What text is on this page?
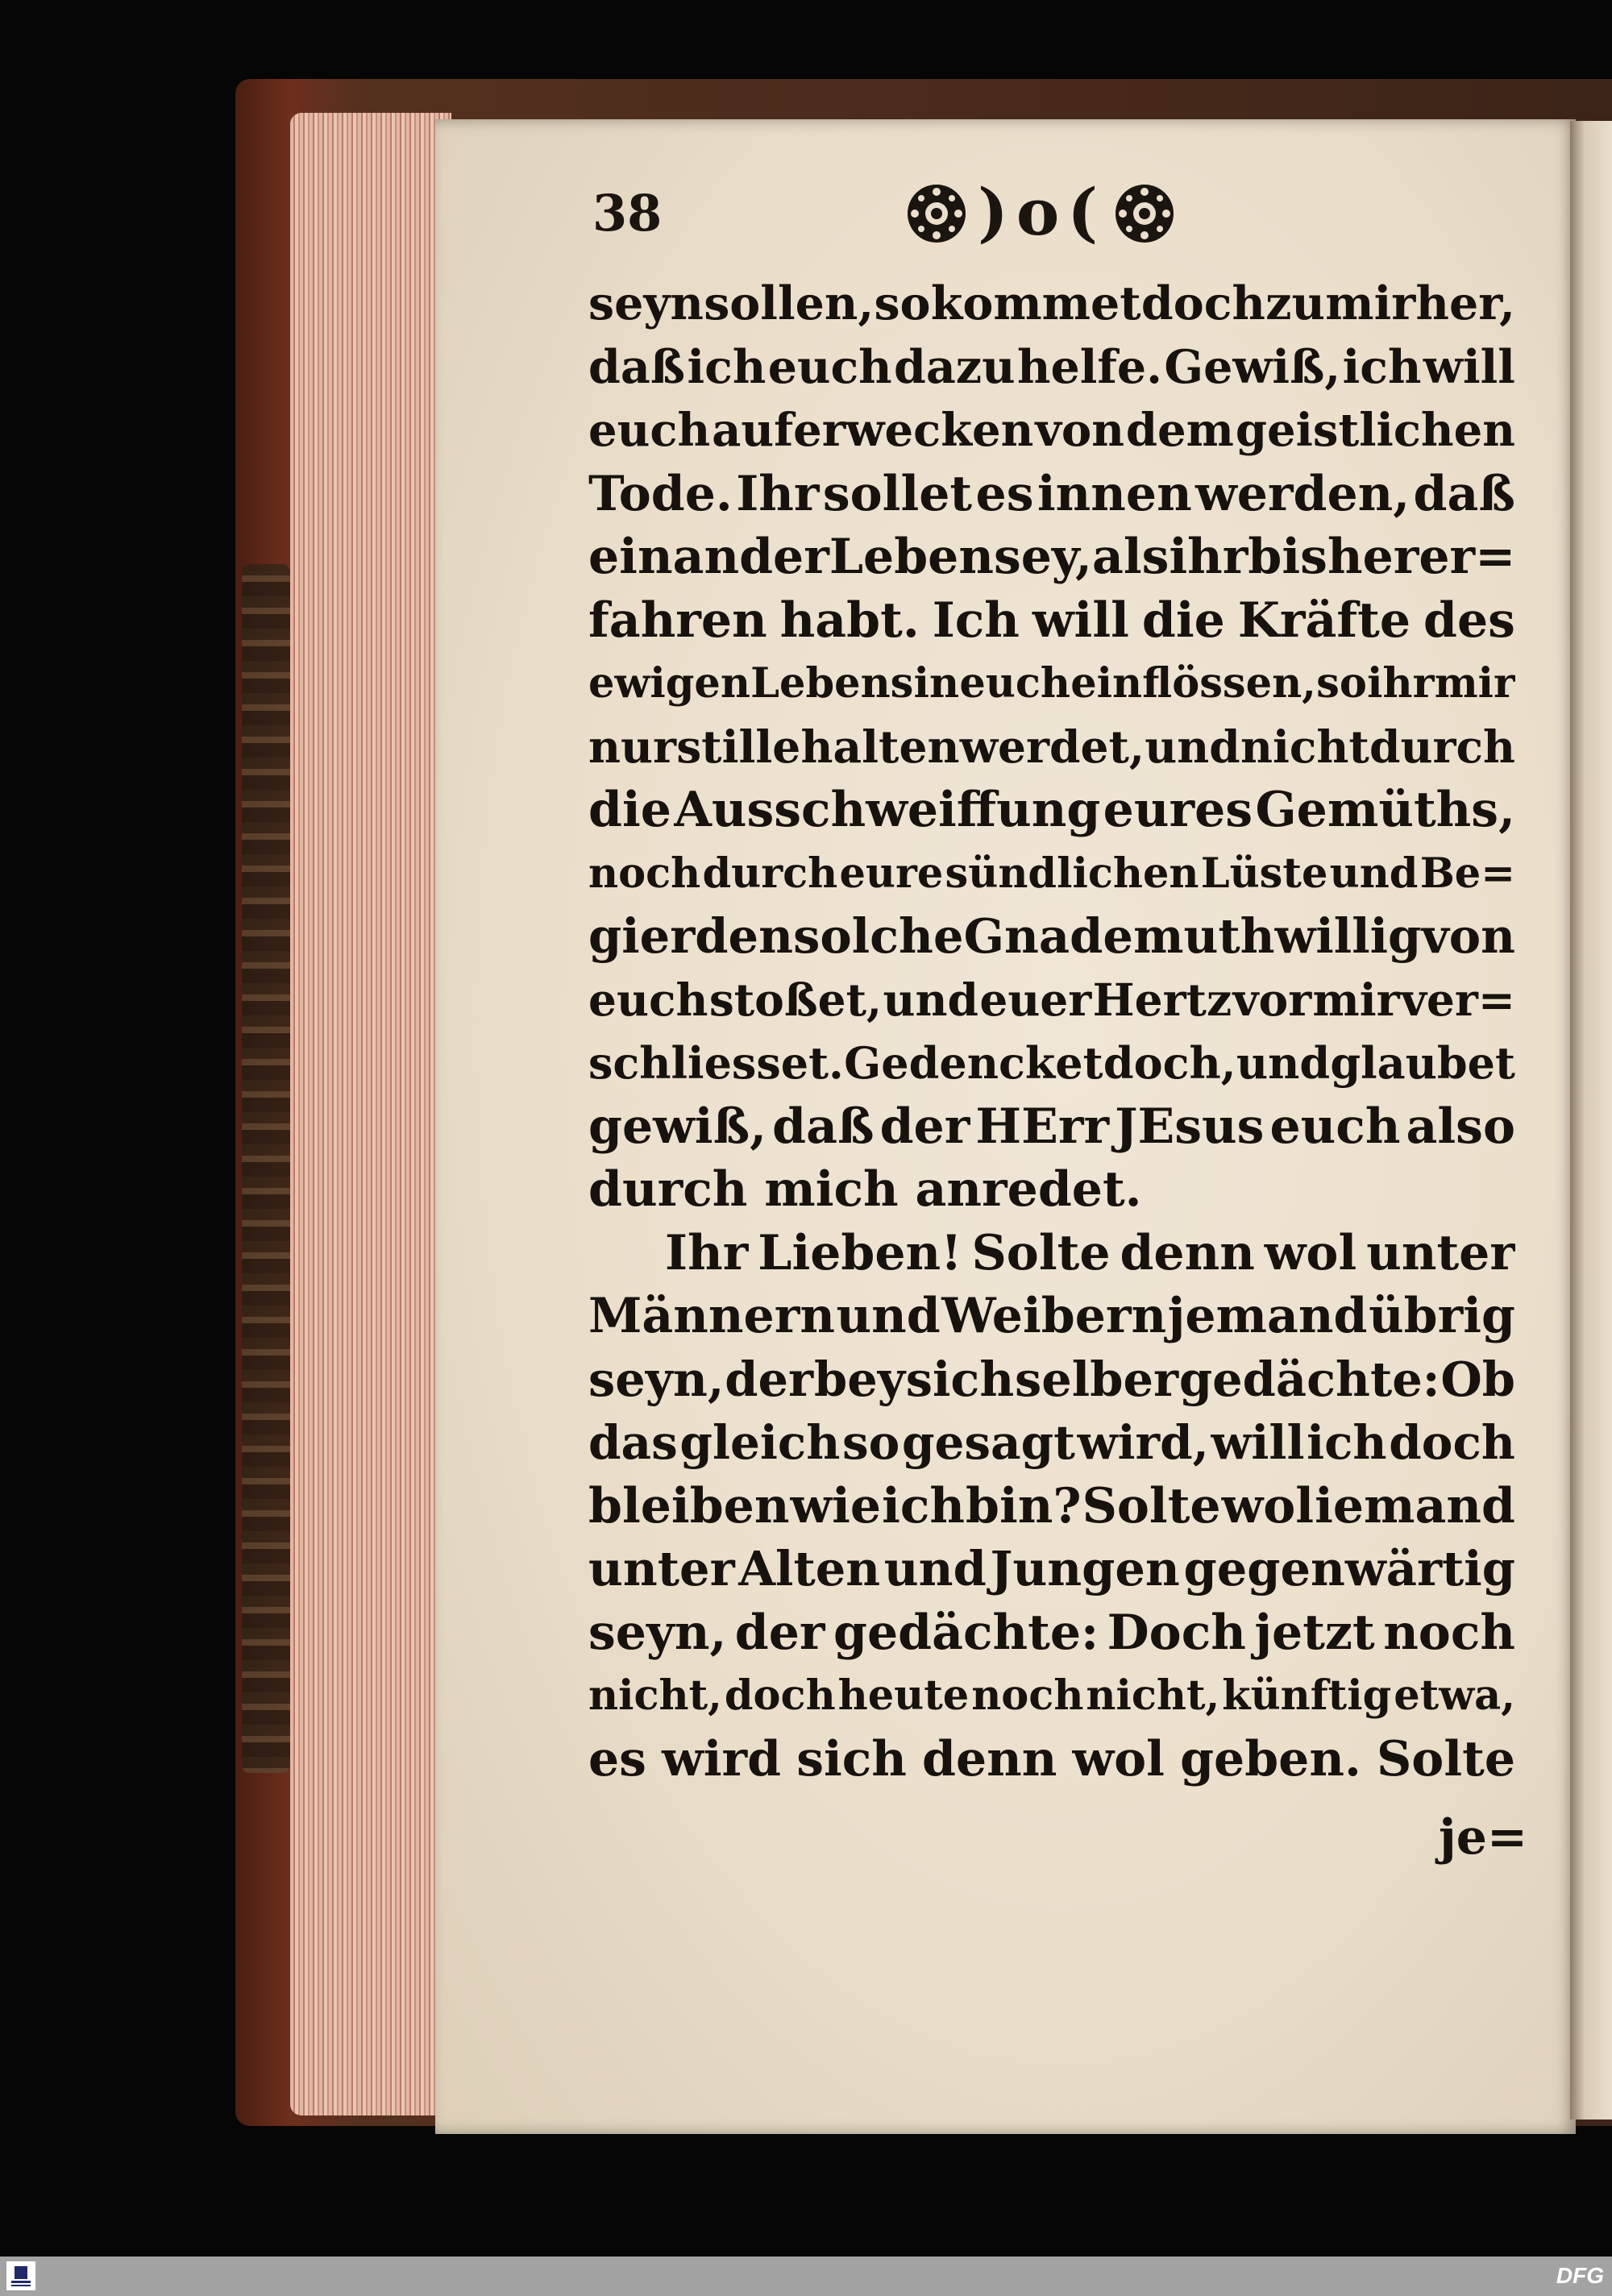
38	)o(
seyn sollen, so kommet doch zu mir her,
daß ich euch dazu helfe. Gewiß, ich will
euch auferwecken von dem geistlichen
Tode. Ihr sollet es innen werden, daß
ein ander Leben sey, als ihr bisher er=
fahren habt. Ich will die Kräfte des
ewigen Lebens in euch einflössen, so ihr mir
nur stille halten werdet, und nicht durch
die Ausschweiffung eures Gemüths,
noch durch eure sündlichen Lüste und Be=
gierden solche Gnade muthwillig von
euch stoßet, und euer Hertz vor mir ver=
schliesset. Gedencket doch, und glaubet
gewiß, daß der HErr JEsus euch also
durch mich anredet.
Ihr Lieben! Solte denn wol unter
Männern und Weibern jemand übrig
seyn, der bey sich selber gedächte: Ob
das gleich so gesagt wird, will ich doch
bleiben wie ich bin? Solte wol iemand
unter Alten und Jungen gegenwärtig
seyn, der gedächte: Doch jetzt noch
nicht, doch heute noch nicht, künftig etwa,
es wird sich denn wol geben. Solte
je=
DFG
